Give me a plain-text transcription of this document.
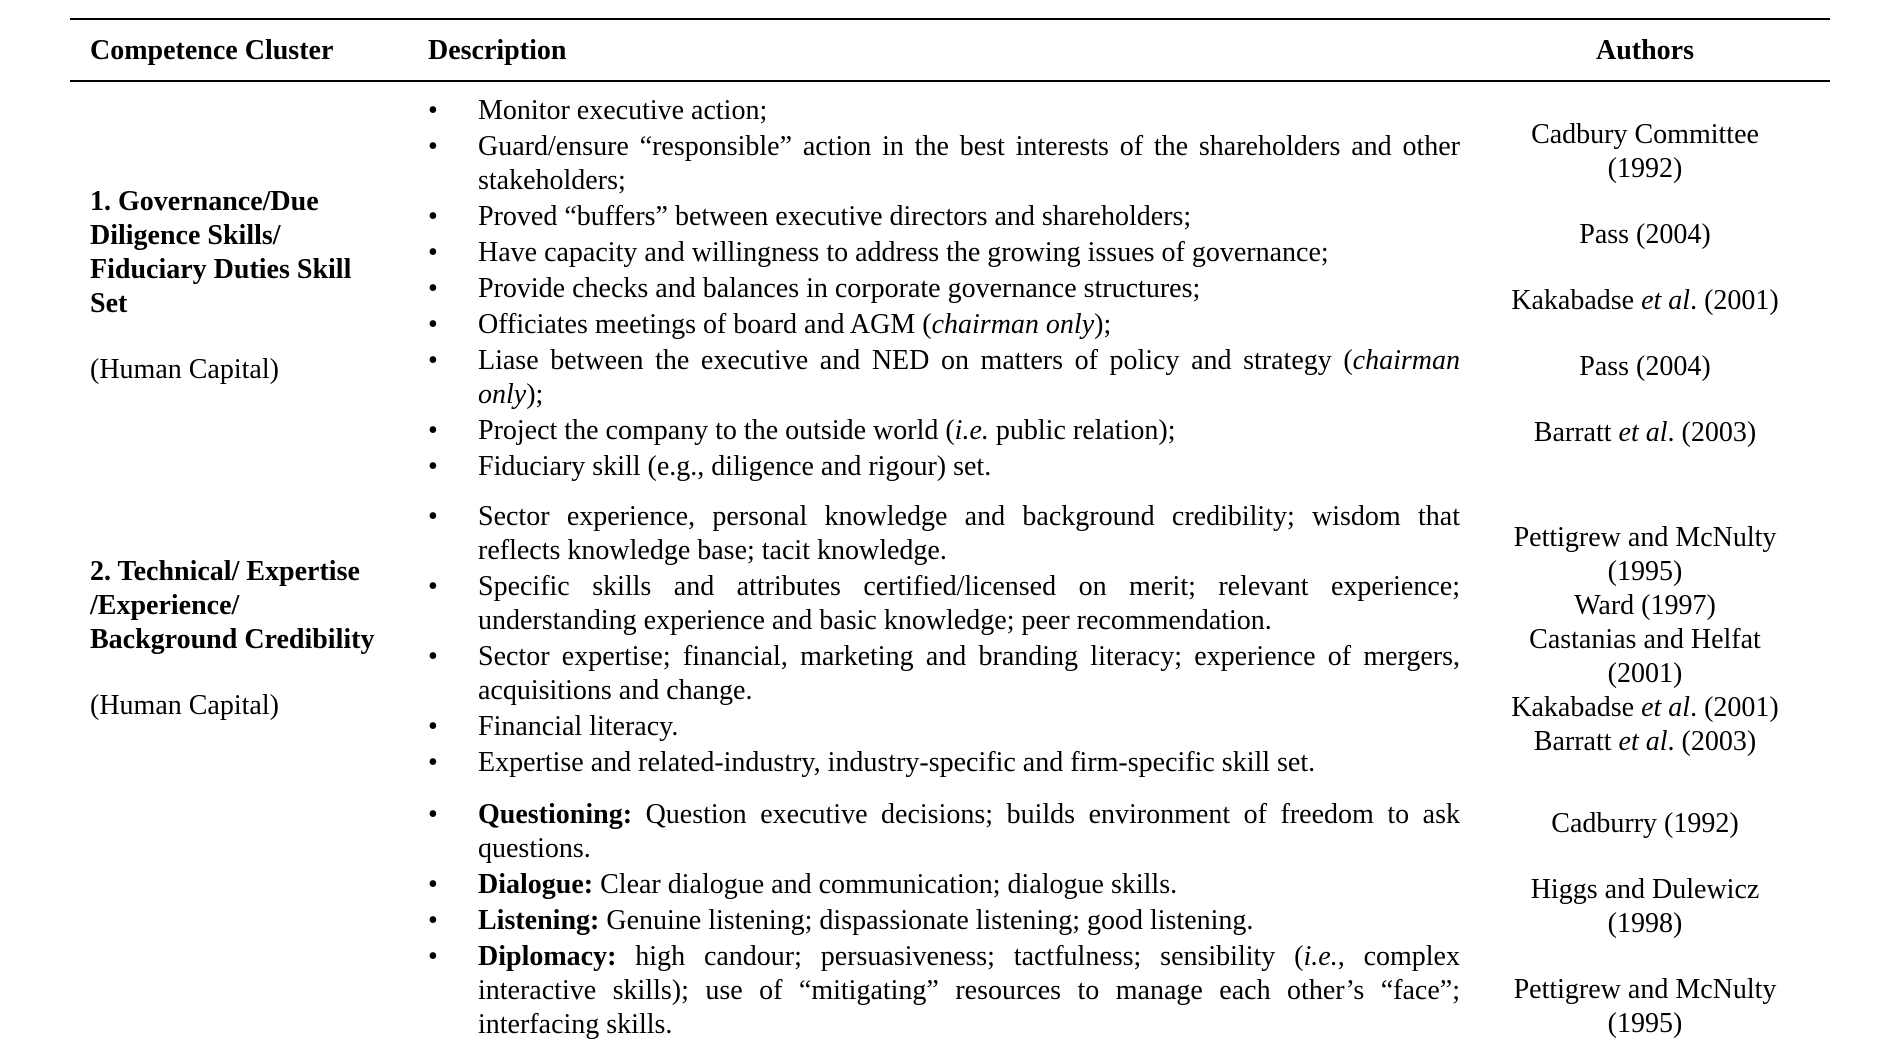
Competence Cluster	Description	Authors
1. Governance/Due
Diligence Skills/
Fiduciary Duties Skill
Set
(Human Capital)
• Monitor executive action;
• Guard/ensure “responsible” action in the best interests of the shareholders and other stakeholders;
• Proved “buffers” between executive directors and shareholders;
• Have capacity and willingness to address the growing issues of governance;
• Provide checks and balances in corporate governance structures;
• Officiates meetings of board and AGM (chairman only);
• Liase between the executive and NED on matters of policy and strategy (chairman only);
• Project the company to the outside world (i.e. public relation);
• Fiduciary skill (e.g., diligence and rigour) set.
Cadbury Committee
(1992)
Pass (2004)
Kakabadse et al. (2001)
Pass (2004)
Barratt et al. (2003)
2. Technical/ Expertise
/Experience/
Background Credibility
(Human Capital)
• Sector experience, personal knowledge and background credibility; wisdom that reflects knowledge base; tacit knowledge.
• Specific skills and attributes certified/licensed on merit; relevant experience; understanding experience and basic knowledge; peer recommendation.
• Sector expertise; financial, marketing and branding literacy; experience of mergers, acquisitions and change.
• Financial literacy.
• Expertise and related-industry, industry-specific and firm-specific skill set.
Pettigrew and McNulty
(1995)
Ward (1997)
Castanias and Helfat
(2001)
Kakabadse et al. (2001)
Barratt et al. (2003)
• Questioning: Question executive decisions; builds environment of freedom to ask questions.
• Dialogue: Clear dialogue and communication; dialogue skills.
• Listening: Genuine listening; dispassionate listening; good listening.
• Diplomacy: high candour; persuasiveness; tactfulness; sensibility (i.e., complex interactive skills); use of “mitigating” resources to manage each other’s “face”; interfacing skills.
Cadburry (1992)
Higgs and Dulewicz
(1998)
Pettigrew and McNulty
(1995)
